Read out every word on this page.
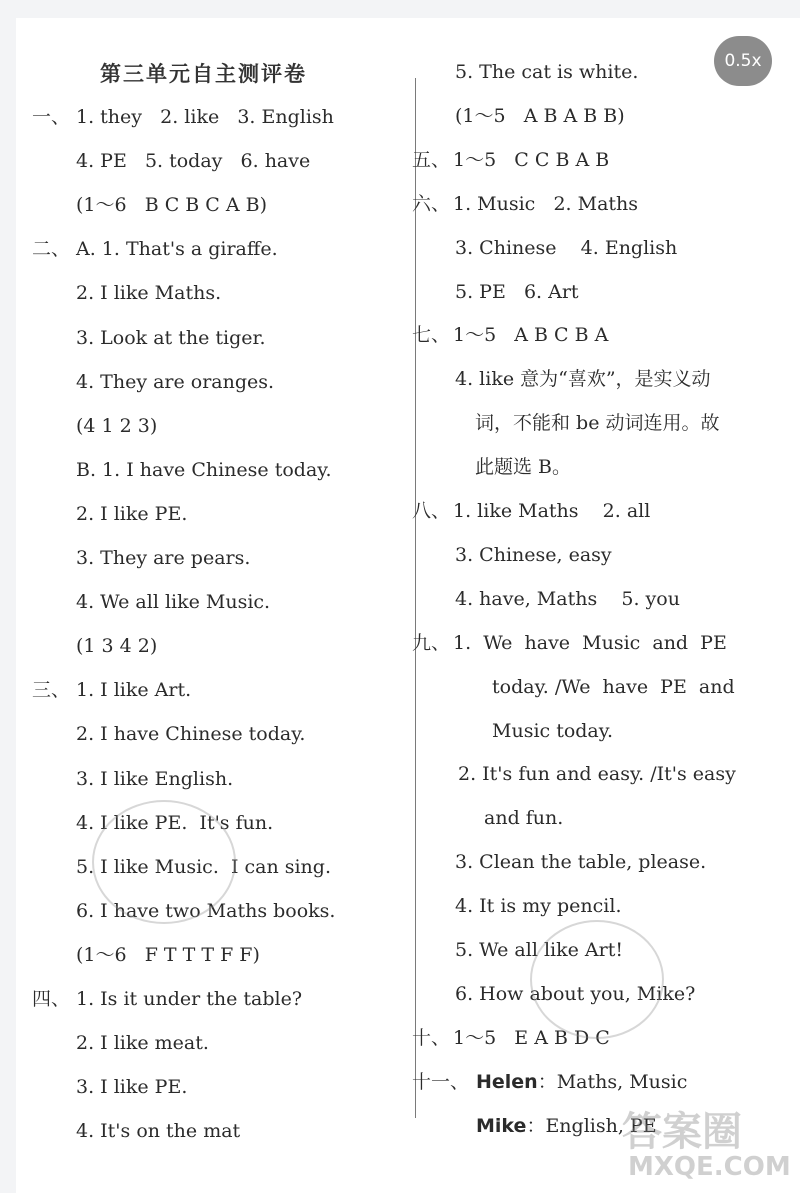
第三单元自主测评卷
0.5x
一、 1. they   2. like   3. English
4. PE   5. today   6. have
(1～6   B C B C A B)
二、 A. 1. That's a giraffe.
2. I like Maths.
3. Look at the tiger.
4. They are oranges.
(4 1 2 3)
B. 1. I have Chinese today.
2. I like PE.
3. They are pears.
4. We all like Music.
(1 3 4 2)
三、 1. I like Art.
2. I have Chinese today.
3. I like English.
4. I like PE.  It's fun.
5. I like Music.  I can sing.
6. I have two Maths books.
(1～6   F T T T F F)
四、 1. Is it under the table?
2. I like meat.
3. I like PE.
4. It's on the mat
5. The cat is white.
(1～5   A B A B B)
五、 1～5   C C B A B
六、 1. Music   2. Maths
3. Chinese    4. English
5. PE   6. Art
七、 1～5   A B C B A
4. like 意为“喜欢”，是实义动
词，不能和 be 动词连用。故
此题选 B。
八、 1. like Maths    2. all
3. Chinese, easy
4. have, Maths    5. you
九、 1.  We  have  Music  and  PE
today. /We  have  PE  and
Music today.
2. It's fun and easy. /It's easy
and fun.
3. Clean the table, please.
4. It is my pencil.
5. We all like Art!
6. How about you, Mike?
十、 1～5   E A B D C
十一、 Helen：Maths, Music
Mike：English, PE
答案圈
MXQE.COM
